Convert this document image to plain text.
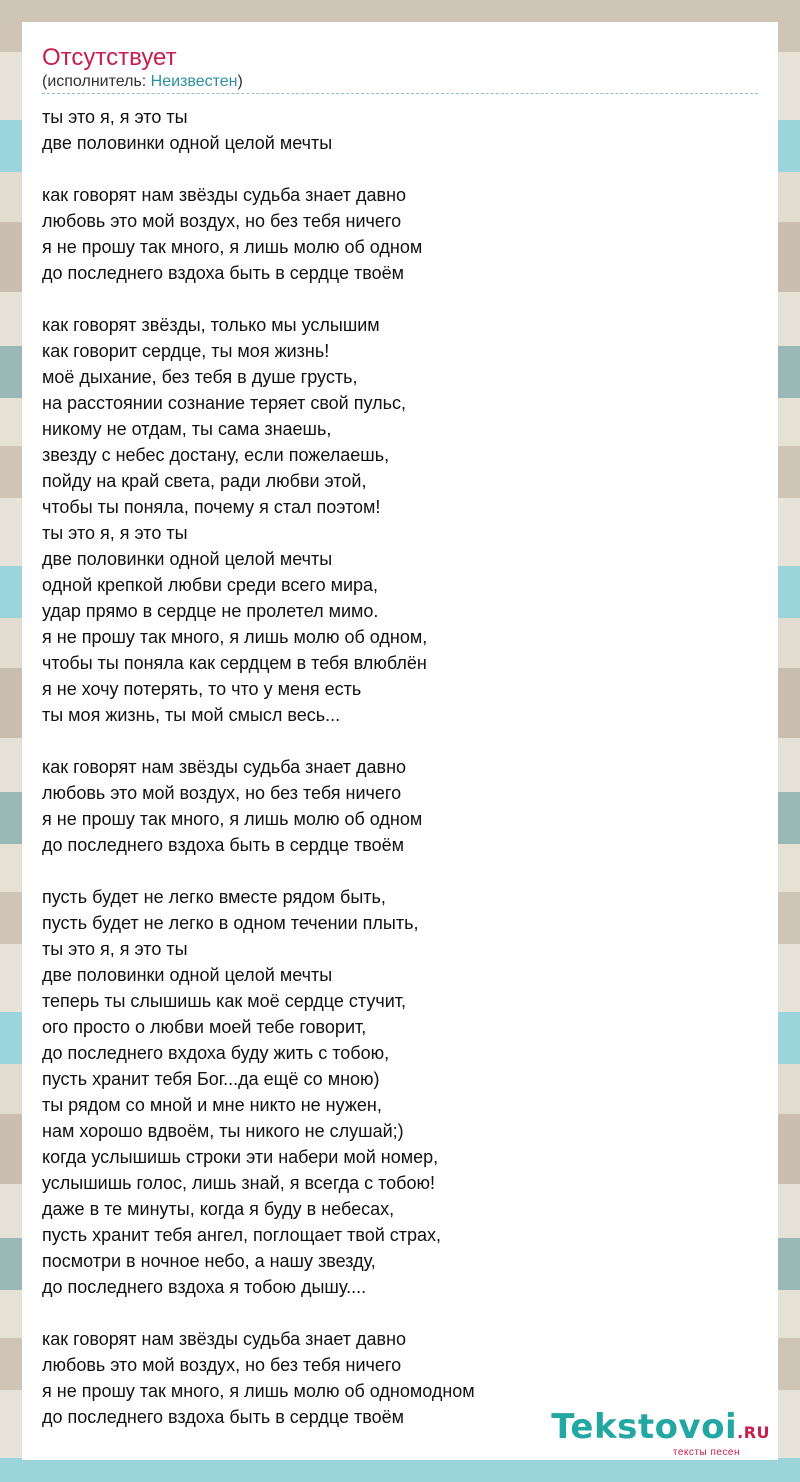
Отсутствует
(исполнитель: Неизвестен)
ты это я, я это ты
две половинки одной целой мечты
как говорят нам звёзды судьба знает давно
любовь это мой воздух, но без тебя ничего
я не прошу так много, я лишь молю об одном
до последнего вздоха быть в сердце твоём
как говорят звёзды, только мы услышим
как говорит сердце, ты моя жизнь!
моё дыхание, без тебя в душе грусть,
на расстоянии сознание теряет свой пульс,
никому не отдам, ты сама знаешь,
звезду с небес достану, если пожелаешь,
пойду на край света, ради любви этой,
чтобы ты поняла, почему я стал поэтом!
ты это я, я это ты
две половинки одной целой мечты
одной крепкой любви среди всего мира,
удар прямо в сердце не пролетел мимо.
я не прошу так много, я лишь молю об одном,
чтобы ты поняла как сердцем в тебя влюблён
я не хочу потерять, то что у меня есть
ты моя жизнь, ты мой смысл весь...
как говорят нам звёзды судьба знает давно
любовь это мой воздух, но без тебя ничего
я не прошу так много, я лишь молю об одном
до последнего вздоха быть в сердце твоём
пусть будет не легко вместе рядом быть,
пусть будет не легко в одном течении плыть,
ты это я, я это ты
две половинки одной целой мечты
теперь ты слышишь как моё сердце стучит,
ого просто о любви моей тебе говорит,
до последнего вхдоха буду жить с тобою,
пусть хранит тебя Бог...да ещё со мною)
ты рядом со мной и мне никто не нужен,
нам хорошо вдвоём, ты никого не слушай;)
когда услышишь строки эти набери мой номер,
услышишь голос, лишь знай, я всегда с тобою!
даже в те минуты, когда я буду в небесах,
пусть хранит тебя ангел, поглощает твой страх,
посмотри в ночное небо, а нашу звезду,
до последнего вздоха я тобою дышу....
как говорят нам звёзды судьба знает давно
любовь это мой воздух, но без тебя ничего
я не прошу так много, я лишь молю об одномодном
до последнего вздоха быть в сердце твоём	Tekstovoi.RU
тексты песен
